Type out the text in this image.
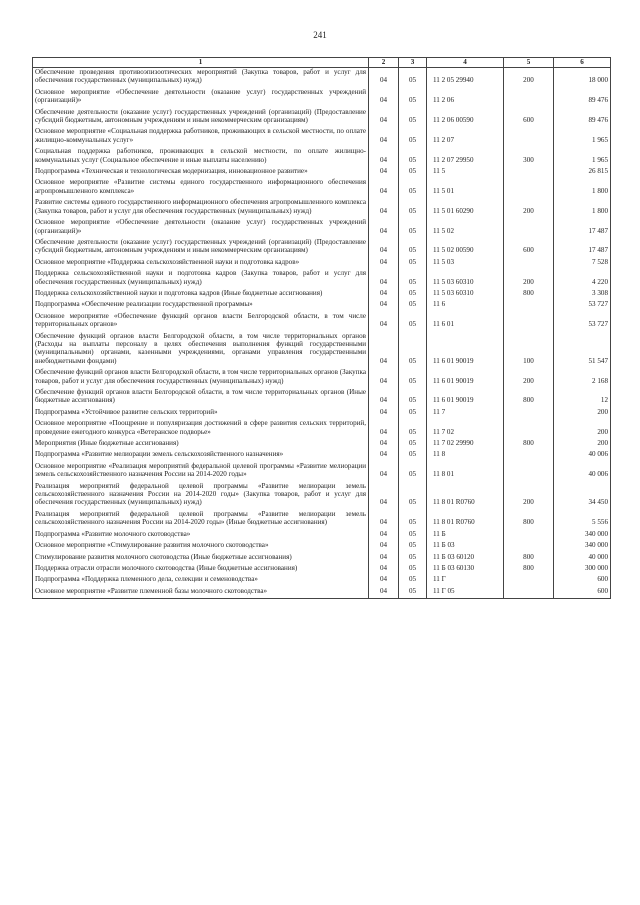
241
1	2	3	4	5	6
Обеспечение проведения противоэпизоотических мероприятий (Закупка товаров, работ и услуг для обеспечения государственных (муниципальных) нужд)	04	05	11 2 05 29940	200	18 000
Основное мероприятие «Обеспечение деятельности (оказание услуг) государственных учреждений (организаций)»	04	05	11 2 06		89 476
Обеспечение деятельности (оказание услуг) государственных учреждений (организаций) (Предоставление субсидий бюджетным, автономным учреждениям и иным некоммерческим организациям)	04	05	11 2 06 00590	600	89 476
Основное мероприятие «Социальная поддержка работников, проживающих в сельской местности, по оплате жилищно-коммунальных услуг»	04	05	11 2 07		1 965
Социальная поддержка работников, проживающих в сельской местности, по оплате жилищно-коммунальных услуг (Социальное обеспечение и иные выплаты населению)	04	05	11 2 07 29950	300	1 965
Подпрограмма «Техническая и технологическая модернизация, инновационное развитие»	04	05	11 5		26 815
Основное мероприятие «Развитие системы единого государственного информационного обеспечения агропромышленного комплекса»	04	05	11 5 01		1 800
Развитие системы единого государственного информационного обеспечения агропромышленного комплекса (Закупка товаров, работ и услуг для обеспечения государственных (муниципальных) нужд)	04	05	11 5 01 60290	200	1 800
Основное мероприятие «Обеспечение деятельности (оказание услуг) государственных учреждений (организаций)»	04	05	11 5 02		17 487
Обеспечение деятельности (оказание услуг) государственных учреждений (организаций) (Предоставление субсидий бюджетным, автономным учреждениям и иным некоммерческим организациям)	04	05	11 5 02 00590	600	17 487
Основное мероприятие «Поддержка сельскохозяйственной науки и подготовка кадров»	04	05	11 5 03		7 528
Поддержка сельскохозяйственной науки и подготовка кадров (Закупка товаров, работ и услуг для обеспечения государственных (муниципальных) нужд)	04	05	11 5 03 60310	200	4 220
Поддержка сельскохозяйственной науки и подготовка кадров (Иные бюджетные ассигнования)	04	05	11 5 03 60310	800	3 308
Подпрограмма «Обеспечение реализации государственной программы»	04	05	11 6		53 727
Основное мероприятие «Обеспечение функций органов власти Белгородской области, в том числе территориальных органов»	04	05	11 6 01		53 727
Обеспечение функций органов власти Белгородской области, в том числе территориальных органов (Расходы на выплаты персоналу в целях обеспечения выполнения функций государственными (муниципальными) органами, казенными учреждениями, органами управления государственными внебюджетными фондами)	04	05	11 6 01 90019	100	51 547
Обеспечение функций органов власти Белгородской области, в том числе территориальных органов (Закупка товаров, работ и услуг для обеспечения государственных (муниципальных) нужд)	04	05	11 6 01 90019	200	2 168
Обеспечение функций органов власти Белгородской области, в том числе территориальных органов (Иные бюджетные ассигнования)	04	05	11 6 01 90019	800	12
Подпрограмма «Устойчивое развитие сельских территорий»	04	05	11 7		200
Основное мероприятие «Поощрение и популяризация достижений в сфере развития сельских территорий, проведение ежегодного конкурса «Ветеранское подворье»	04	05	11 7 02		200
Мероприятия (Иные бюджетные ассигнования)	04	05	11 7 02 29990	800	200
Подпрограмма «Развитие мелиорации земель сельскохозяйственного назначения»	04	05	11 8		40 006
Основное мероприятие «Реализация мероприятий федеральной целевой программы «Развитие мелиорации земель сельскохозяйственного назначения России на 2014-2020 годы»	04	05	11 8 01		40 006
Реализация мероприятий федеральной целевой программы «Развитие мелиорации земель сельскохозяйственного назначения России на 2014-2020 годы» (Закупка товаров, работ и услуг для обеспечения государственных (муниципальных) нужд)	04	05	11 8 01 R0760	200	34 450
Реализация мероприятий федеральной целевой программы «Развитие мелиорации земель сельскохозяйственного назначения России на 2014-2020 годы» (Иные бюджетные ассигнования)	04	05	11 8 01 R0760	800	5 556
Подпрограмма «Развитие молочного скотоводства»	04	05	11 Б		340 000
Основное мероприятие «Стимулирование развития молочного скотоводства»	04	05	11 Б 03		340 000
Стимулирование развития молочного скотоводства (Иные бюджетные ассигнования)	04	05	11 Б 03 60120	800	40 000
Поддержка отрасли отрасли молочного скотоводства (Иные бюджетные ассигнования)	04	05	11 Б 03 60130	800	300 000
Подпрограмма «Поддержка племенного дела, селекции и семеноводства»	04	05	11 Г		600
Основное мероприятие «Развитие племенной базы молочного скотоводства»	04	05	11 Г 05		600
